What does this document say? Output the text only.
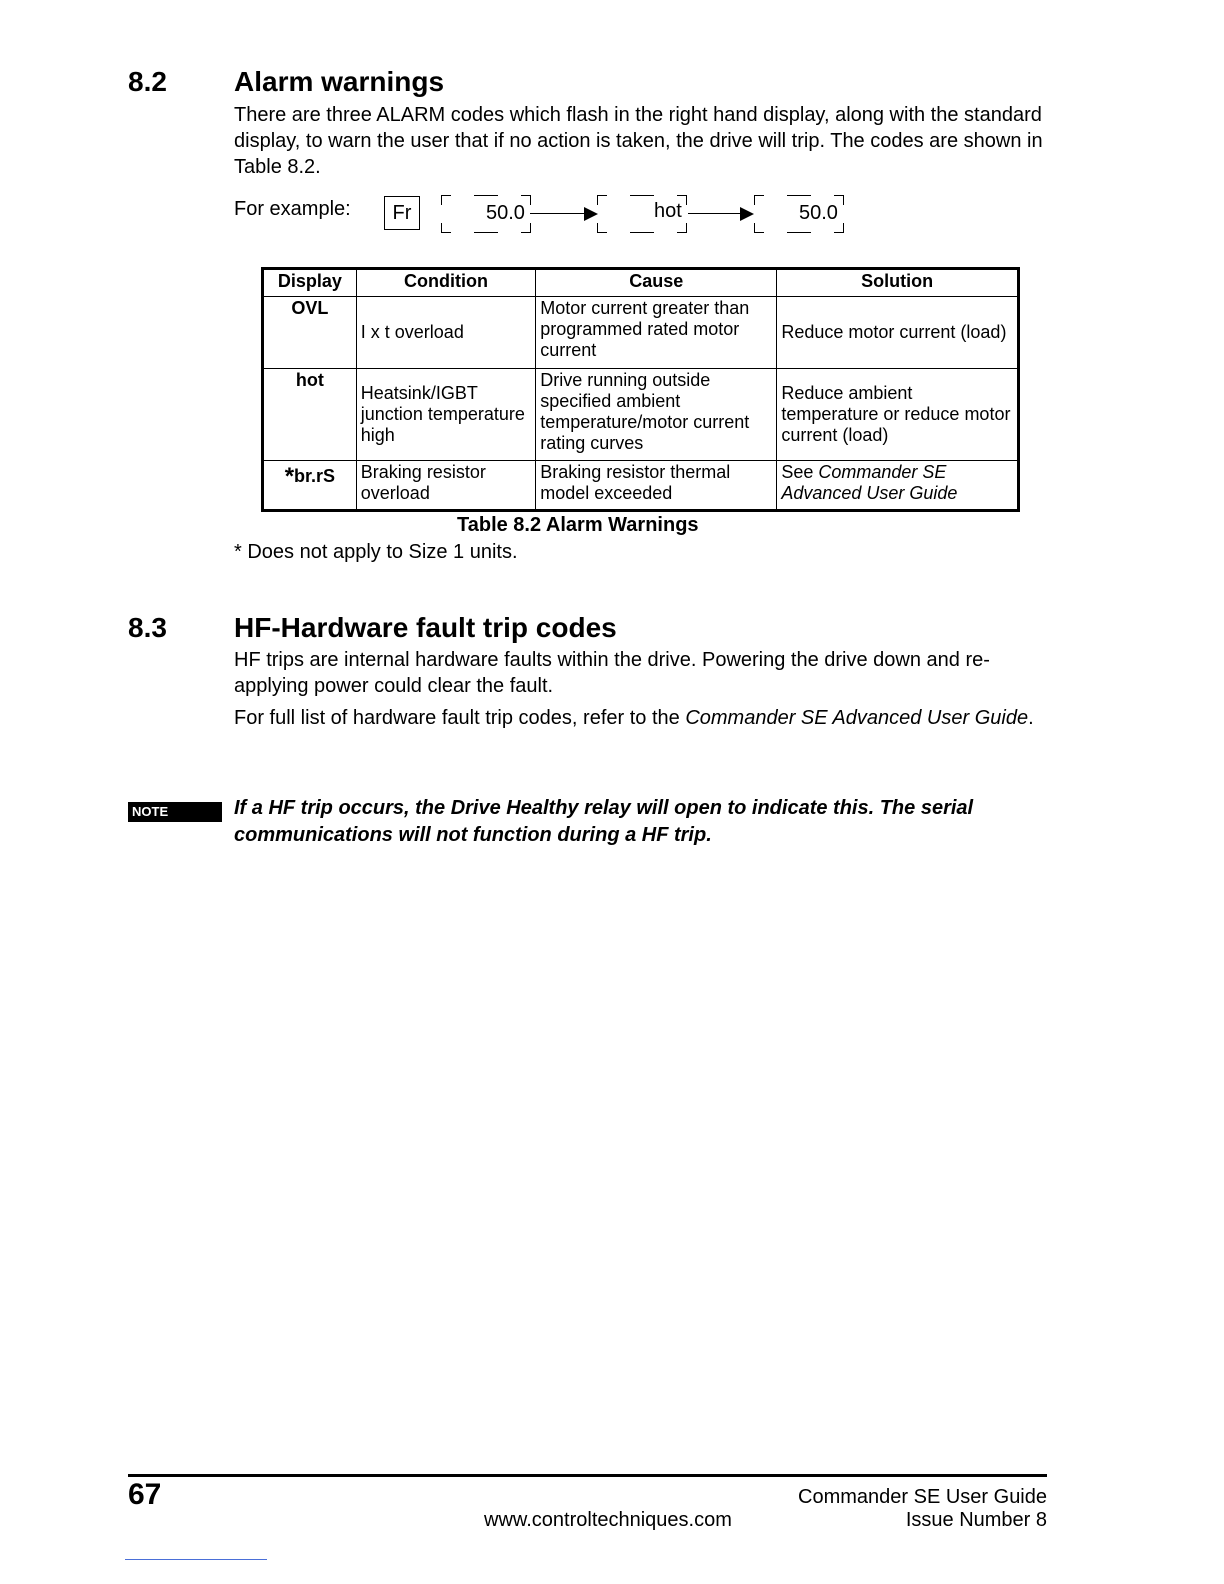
8.2 Alarm warnings
There are three ALARM codes which flash in the right hand display, along with the standard display, to warn the user that if no action is taken, the drive will trip. The codes are shown in Table 8.2.
For example:	Fr	50.0	hot	50.0
Display	Condition	Cause	Solution
OVL	I x t overload	Motor current greater than programmed rated motor current	Reduce motor current (load)
hot	Heatsink/IGBT junction temperature high	Drive running outside specified ambient temperature/motor current rating curves	Reduce ambient temperature or reduce motor current (load)
*br.rS	Braking resistor overload	Braking resistor thermal model exceeded	See Commander SE Advanced User Guide
Table 8.2 Alarm Warnings
* Does not apply to Size 1 units.
8.3 HF-Hardware fault trip codes
HF trips are internal hardware faults within the drive. Powering the drive down and re-applying power could clear the fault.
For full list of hardware fault trip codes, refer to the Commander SE Advanced User Guide.
NOTE	If a HF trip occurs, the Drive Healthy relay will open to indicate this. The serial communications will not function during a HF trip.
67	Commander SE User Guide
www.controltechniques.com	Issue Number 8
